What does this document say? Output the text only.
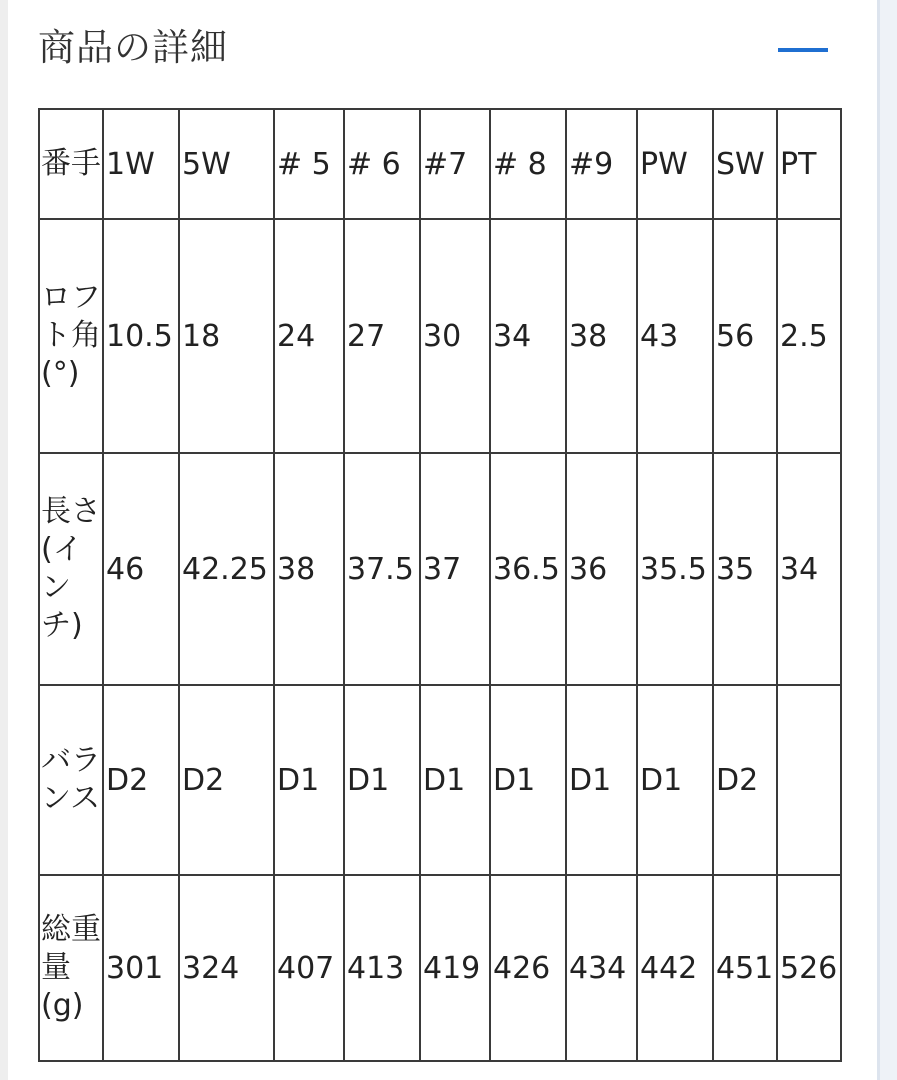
商品の詳細
番手	1W	5W	# 5	# 6	#7	# 8	#9	PW	SW	PT
ロフト角(°)	10.5	18	24	27	30	34	38	43	56	2.5
長さ(インチ)	46	42.25	38	37.5	37	36.5	36	35.5	35	34
バランス	D2	D2	D1	D1	D1	D1	D1	D1	D2	
総重量(g)	301	324	407	413	419	426	434	442	451	526
